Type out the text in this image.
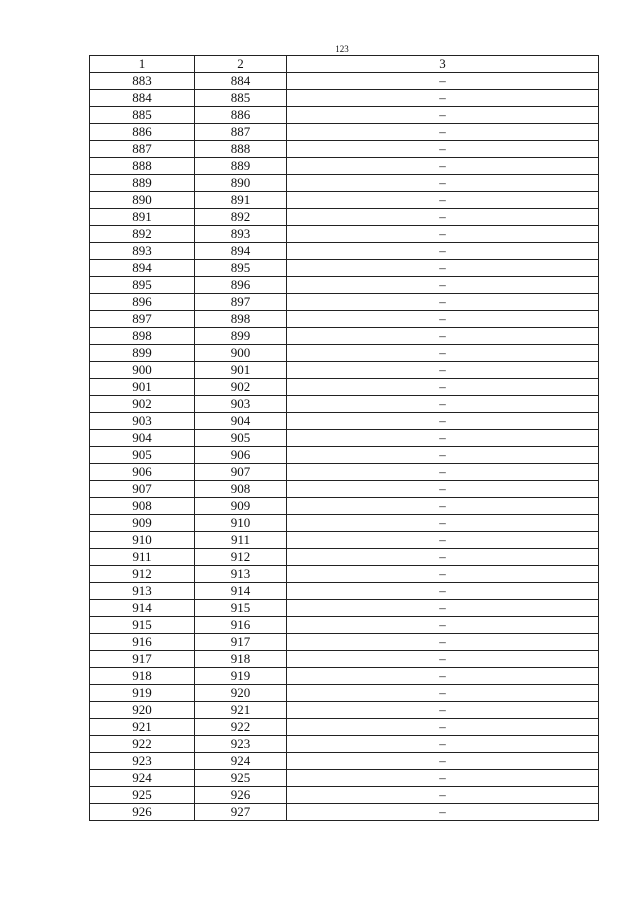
123
1	2	3
883	884	–
884	885	–
885	886	–
886	887	–
887	888	–
888	889	–
889	890	–
890	891	–
891	892	–
892	893	–
893	894	–
894	895	–
895	896	–
896	897	–
897	898	–
898	899	–
899	900	–
900	901	–
901	902	–
902	903	–
903	904	–
904	905	–
905	906	–
906	907	–
907	908	–
908	909	–
909	910	–
910	911	–
911	912	–
912	913	–
913	914	–
914	915	–
915	916	–
916	917	–
917	918	–
918	919	–
919	920	–
920	921	–
921	922	–
922	923	–
923	924	–
924	925	–
925	926	–
926	927	–
